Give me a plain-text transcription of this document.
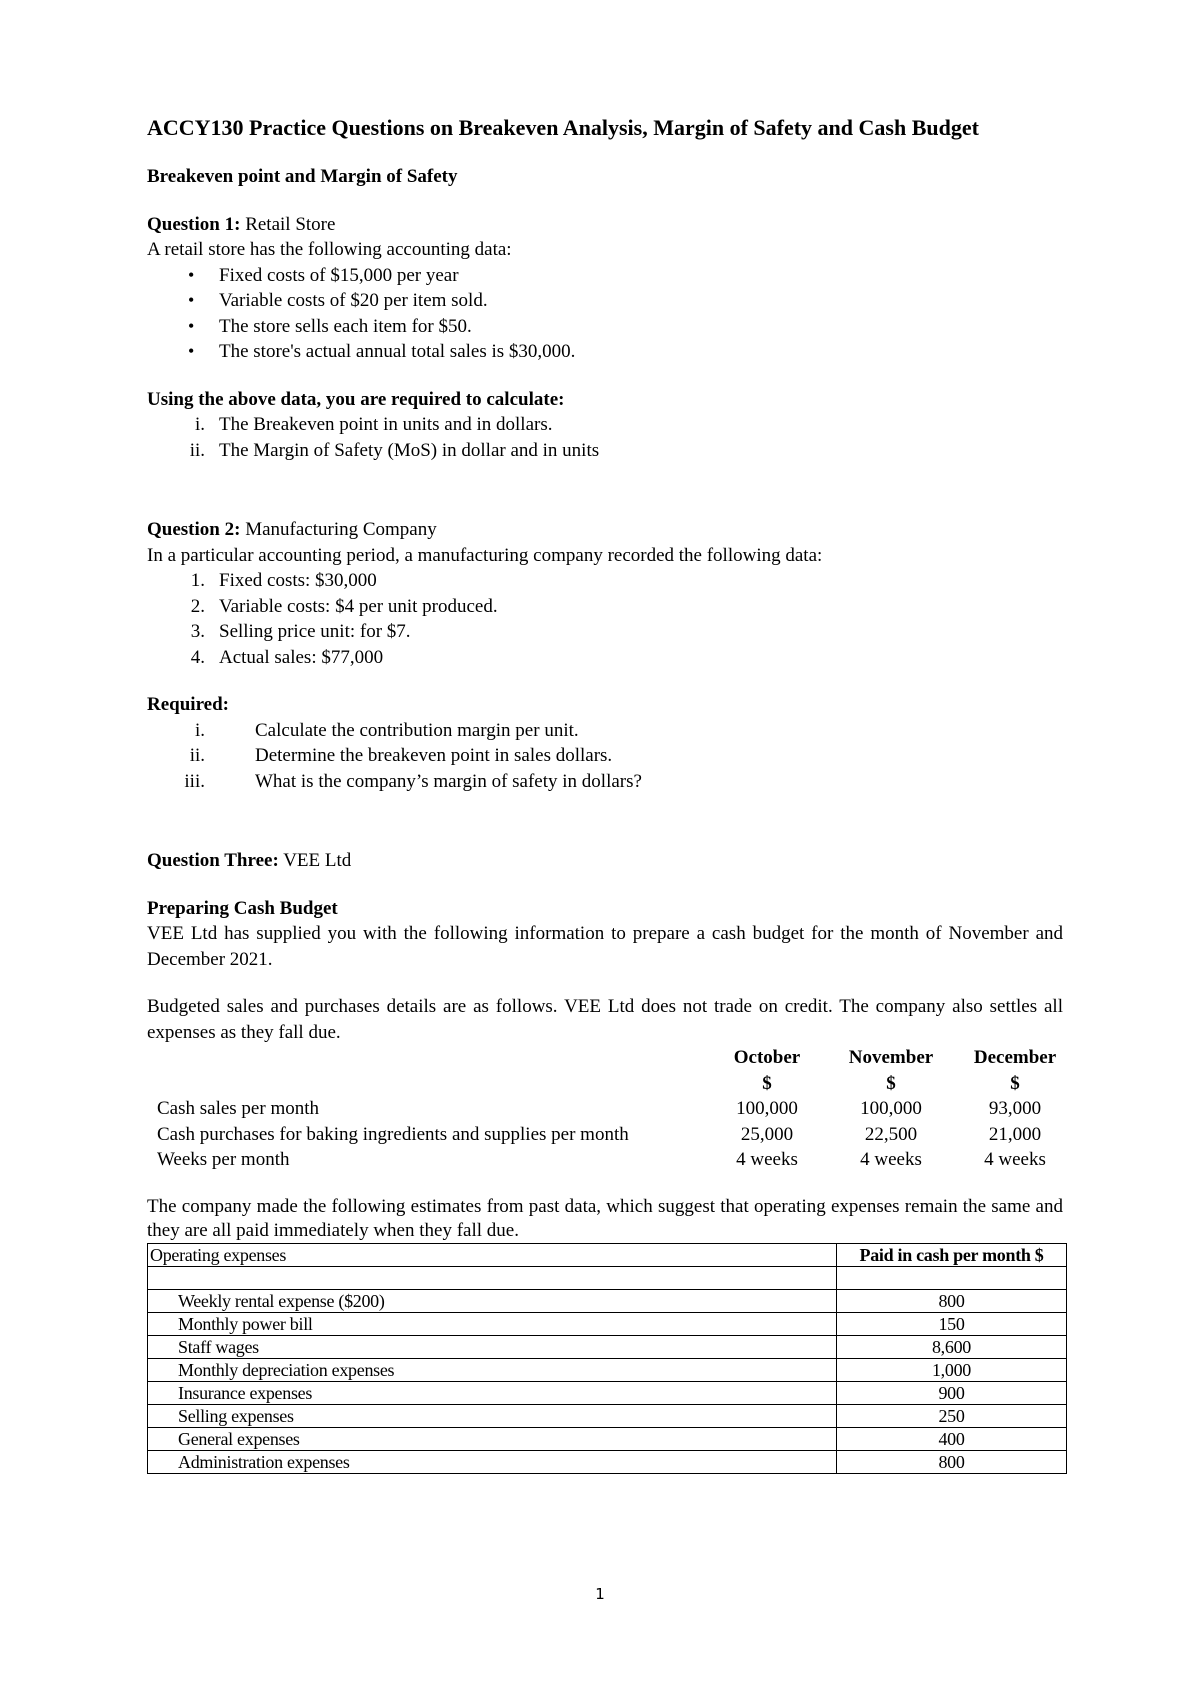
ACCY130 Practice Questions on Breakeven Analysis, Margin of Safety and Cash Budget

Breakeven point and Margin of Safety
Question 1: Retail Store
A retail store has the following accounting data:
• Fixed costs of $15,000 per year
• Variable costs of $20 per item sold.
• The store sells each item for $50.
• The store's actual annual total sales is $30,000.
Using the above data, you are required to calculate:
i. The Breakeven point in units and in dollars.
ii. The Margin of Safety (MoS) in dollar and in units
Question 2: Manufacturing Company
In a particular accounting period, a manufacturing company recorded the following data:
1. Fixed costs: $30,000
2. Variable costs: $4 per unit produced.
3. Selling price unit: for $7.
4. Actual sales: $77,000
Required:
i.	Calculate the contribution margin per unit.
ii.	Determine the breakeven point in sales dollars.
iii.	What is the company’s margin of safety in dollars?
Question Three: VEE Ltd
Preparing Cash Budget
VEE Ltd has supplied you with the following information to prepare a cash budget for the month of November and December 2021.
Budgeted sales and purchases details are as follows. VEE Ltd does not trade on credit. The company also settles all expenses as they fall due.
	October	November	December
	$	$	$
Cash sales per month	100,000	100,000	93,000
Cash purchases for baking ingredients and supplies per month	25,000	22,500	21,000
Weeks per month	4 weeks	4 weeks	4 weeks
The company made the following estimates from past data, which suggest that operating expenses remain the same and they are all paid immediately when they fall due.
Operating expenses	Paid in cash per month $

Weekly rental expense ($200)	800
Monthly power bill	150
Staff wages	8,600
Monthly depreciation expenses	1,000
Insurance expenses	900
Selling expenses	250
General expenses	400
Administration expenses	800
1
